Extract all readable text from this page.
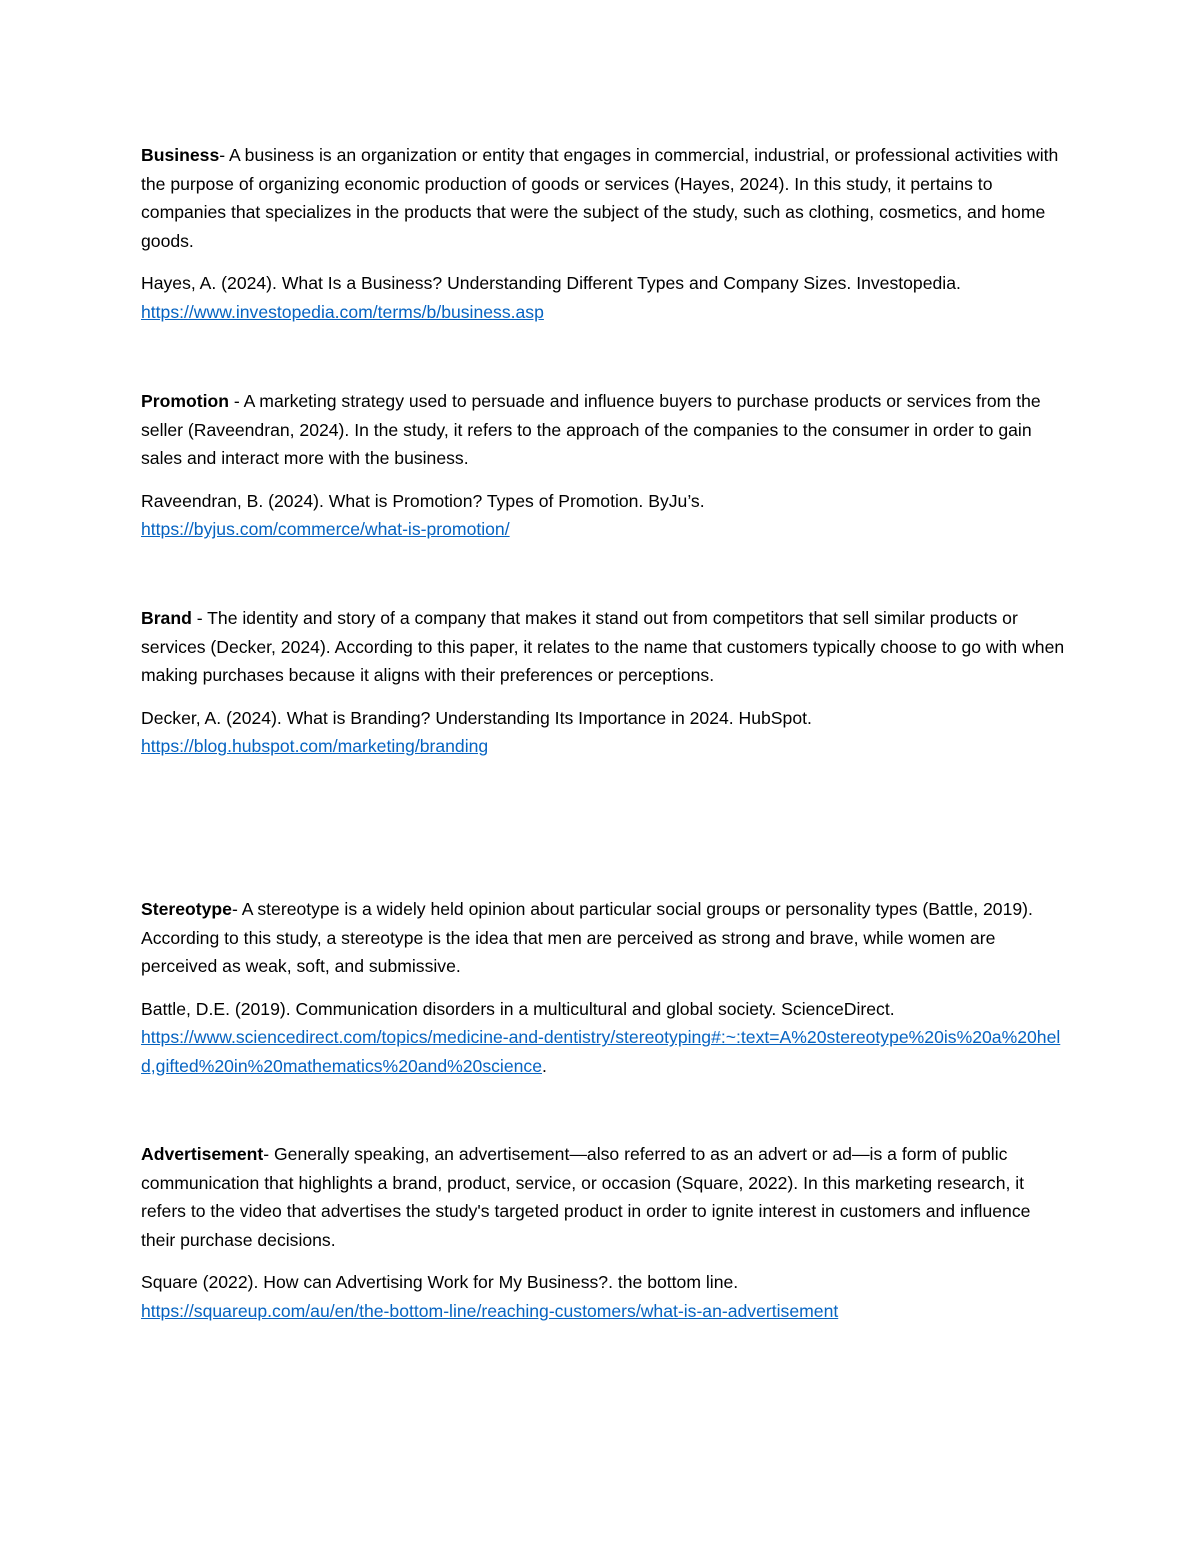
Business- A business is an organization or entity that engages in commercial, industrial, or professional activities with the purpose of organizing economic production of goods or services (Hayes, 2024). In this study, it pertains to companies that specializes in the products that were the subject of the study, such as clothing, cosmetics, and home goods.

Hayes, A. (2024). What Is a Business? Understanding Different Types and Company Sizes. Investopedia.
https://www.investopedia.com/terms/b/business.asp

Promotion - A marketing strategy used to persuade and influence buyers to purchase products or services from the seller (Raveendran, 2024). In the study, it refers to the approach of the companies to the consumer in order to gain sales and interact more with the business.

Raveendran, B. (2024). What is Promotion? Types of Promotion. ByJu’s.
https://byjus.com/commerce/what-is-promotion/

Brand - The identity and story of a company that makes it stand out from competitors that sell similar products or services (Decker, 2024). According to this paper, it relates to the name that customers typically choose to go with when making purchases because it aligns with their preferences or perceptions.

Decker, A. (2024). What is Branding? Understanding Its Importance in 2024. HubSpot.
https://blog.hubspot.com/marketing/branding

Stereotype- A stereotype is a widely held opinion about particular social groups or personality types (Battle, 2019). According to this study, a stereotype is the idea that men are perceived as strong and brave, while women are perceived as weak, soft, and submissive.

Battle, D.E. (2019). Communication disorders in a multicultural and global society. ScienceDirect.
https://www.sciencedirect.com/topics/medicine-and-dentistry/stereotyping#:~:text=A%20stereotype%20is%20a%20held,gifted%20in%20mathematics%20and%20science.

Advertisement- Generally speaking, an advertisement—also referred to as an advert or ad—is a form of public communication that highlights a brand, product, service, or occasion (Square, 2022). In this marketing research, it refers to the video that advertises the study's targeted product in order to ignite interest in customers and influence their purchase decisions.

Square (2022). How can Advertising Work for My Business?. the bottom line.
https://squareup.com/au/en/the-bottom-line/reaching-customers/what-is-an-advertisement
